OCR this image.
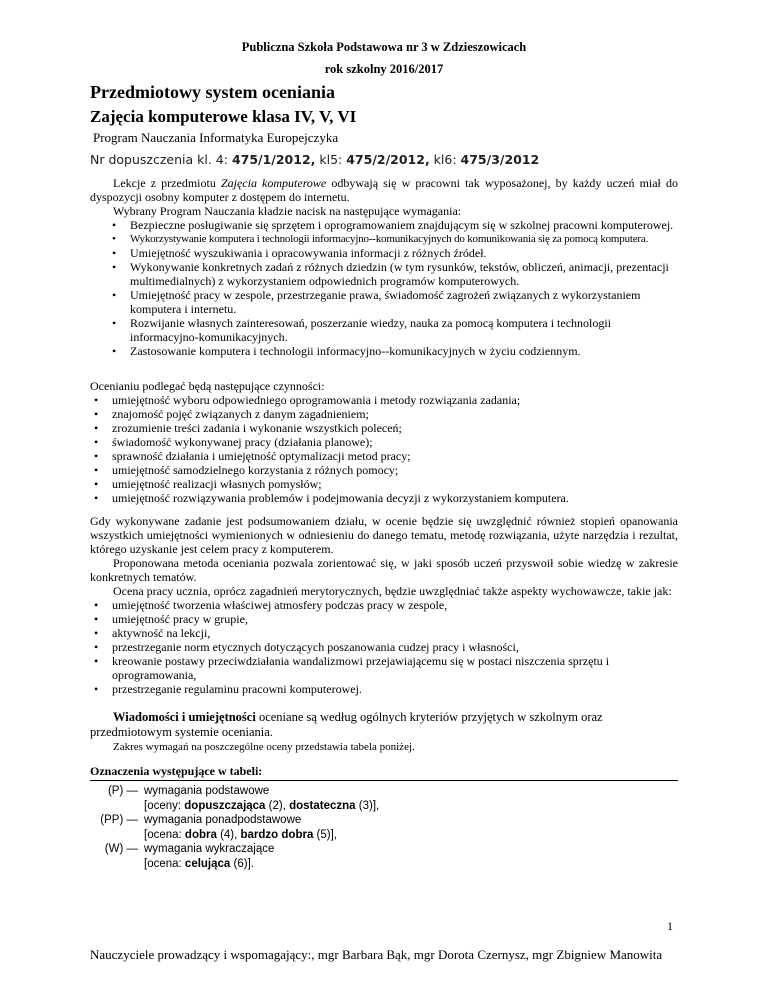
Publiczna Szkoła Podstawowa nr 3 w Zdzieszowicach
rok szkolny 2016/2017
Przedmiotowy system oceniania
Zajęcia komputerowe klasa IV, V, VI
Program Nauczania Informatyka Europejczyka
Nr dopuszczenia kl. 4: 475/1/2012, kl5: 475/2/2012, kl6: 475/3/2012

Lekcje z przedmiotu Zajęcia komputerowe odbywają się w pracowni tak wyposażonej, by każdy uczeń miał do dyspozycji osobny komputer z dostępem do internetu.

Wybrany Program Nauczania kładzie nacisk na następujące wymagania:

• Bezpieczne posługiwanie się sprzętem i oprogramowaniem znajdującym się w szkolnej pracowni komputerowej.
• Wykorzystywanie komputera i technologii informacyjno--komunikacyjnych do komunikowania się za pomocą komputera.
• Umiejętność wyszukiwania i opracowywania informacji z różnych źródeł.
• Wykonywanie konkretnych zadań z różnych dziedzin (w tym rysunków, tekstów, obliczeń, animacji, prezentacji multimedialnych) z wykorzystaniem odpowiednich programów komputerowych.
• Umiejętność pracy w zespole, przestrzeganie prawa, świadomość zagrożeń związanych z wykorzystaniem komputera i internetu.
• Rozwijanie własnych zainteresowań, poszerzanie wiedzy, nauka za pomocą komputera i technologii informacyjno-komunikacyjnych.
• Zastosowanie komputera i technologii informacyjno--komunikacyjnych w życiu codziennym.

Ocenianiu podlegać będą następujące czynności:

• umiejętność wyboru odpowiedniego oprogramowania i metody rozwiązania zadania;
• znajomość pojęć związanych z danym zagadnieniem;
• zrozumienie treści zadania i wykonanie wszystkich poleceń;
• świadomość wykonywanej pracy (działania planowe);
• sprawność działania i umiejętność optymalizacji metod pracy;
• umiejętność samodzielnego korzystania z różnych pomocy;
• umiejętność realizacji własnych pomysłów;
• umiejętność rozwiązywania problemów i podejmowania decyzji z wykorzystaniem komputera.

Gdy wykonywane zadanie jest podsumowaniem działu, w ocenie będzie się uwzględnić również stopień opanowania wszystkich umiejętności wymienionych w odniesieniu do danego tematu, metodę rozwiązania, użyte narzędzia i rezultat, którego uzyskanie jest celem pracy z komputerem.

Proponowana metoda oceniania pozwala zorientować się, w jaki sposób uczeń przyswoił sobie wiedzę w zakresie konkretnych tematów.

Ocena pracy ucznia, oprócz zagadnień merytorycznych, będzie uwzględniać także aspekty wychowawcze, takie jak:

• umiejętność tworzenia właściwej atmosfery podczas pracy w zespole,
• umiejętność pracy w grupie,
• aktywność na lekcji,
• przestrzeganie norm etycznych dotyczących poszanowania cudzej pracy i własności,
• kreowanie postawy przeciwdziałania wandalizmowi przejawiającemu się w postaci niszczenia sprzętu i oprogramowania,
• przestrzeganie regulaminu pracowni komputerowej.

Wiadomości i umiejętności oceniane są według ogólnych kryteriów przyjętych w szkolnym oraz przedmiotowym systemie oceniania.

Zakres wymagań na poszczególne oceny przedstawia tabela poniżej.

Oznaczenia występujące w tabeli:
(P) — wymagania podstawowe
[oceny: dopuszczająca (2), dostateczna (3)],
(PP) — wymagania ponadpodstawowe
[ocena: dobra (4), bardzo dobra (5)],
(W) — wymagania wykraczające
[ocena: celująca (6)].
1
Nauczyciele prowadzący i wspomagający:, mgr Barbara Bąk, mgr Dorota Czernysz, mgr Zbigniew Manowita
